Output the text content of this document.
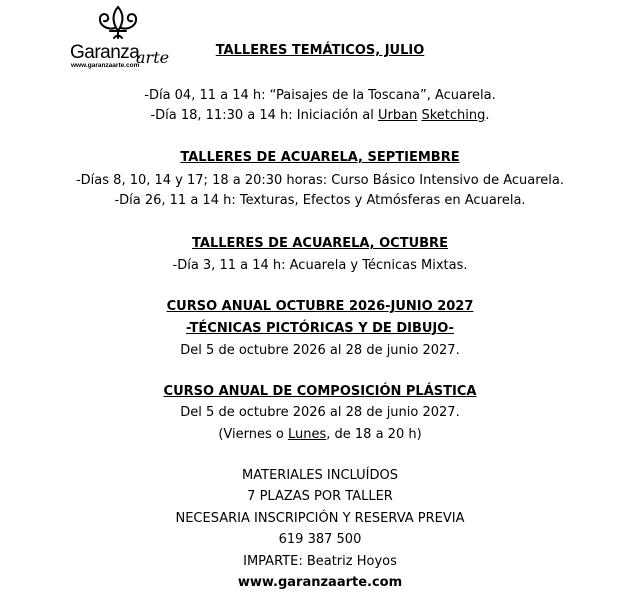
Garanza
arte
www.garanzaarte.com
TALLERES TEMÁTICOS, JULIO
-Día 04, 11 a 14 h: “Paisajes de la Toscana”, Acuarela.
-Día 18, 11:30 a 14 h: Iniciación al Urban Sketching.
TALLERES DE ACUARELA, SEPTIEMBRE
-Días 8, 10, 14 y 17; 18 a 20:30 horas: Curso Básico Intensivo de Acuarela.
-Día 26, 11 a 14 h: Texturas, Efectos y Atmósferas en Acuarela.
TALLERES DE ACUARELA, OCTUBRE
-Día 3, 11 a 14 h: Acuarela y Técnicas Mixtas.
CURSO ANUAL OCTUBRE 2026-JUNIO 2027
-TÉCNICAS PICTÓRICAS Y DE DIBUJO-
Del 5 de octubre 2026 al 28 de junio 2027.
CURSO ANUAL DE COMPOSICIÓN PLÁSTICA
Del 5 de octubre 2026 al 28 de junio 2027.
(Viernes o Lunes, de 18 a 20 h)
MATERIALES INCLUÍDOS
7 PLAZAS POR TALLER
NECESARIA INSCRIPCIÓN Y RESERVA PREVIA
619 387 500
IMPARTE: Beatriz Hoyos
www.garanzaarte.com
